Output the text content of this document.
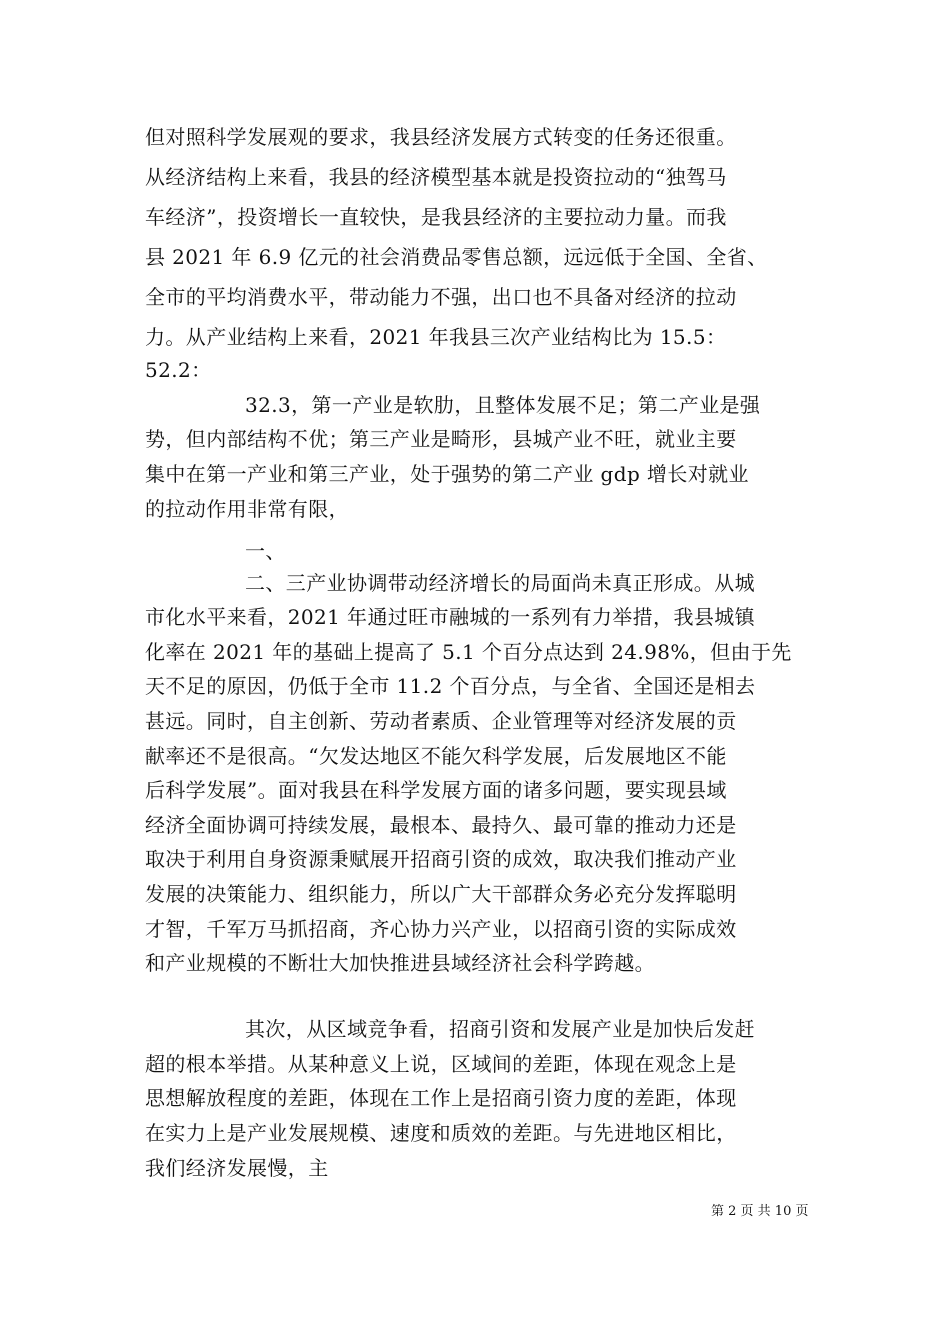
但对照科学发展观的要求，我县经济发展方式转变的任务还很重。
从经济结构上来看，我县的经济模型基本就是投资拉动的“独驾马
车经济”，投资增长一直较快，是我县经济的主要拉动力量。而我
县 2021 年 6.9 亿元的社会消费品零售总额，远远低于全国、全省、
全市的平均消费水平，带动能力不强，出口也不具备对经济的拉动
力。从产业结构上来看，2021 年我县三次产业结构比为 15.5：
52.2：
32.3，第一产业是软肋，且整体发展不足；第二产业是强
势，但内部结构不优；第三产业是畸形，县城产业不旺，就业主要
集中在第一产业和第三产业，处于强势的第二产业 gdp 增长对就业
的拉动作用非常有限，
一、
二、三产业协调带动经济增长的局面尚未真正形成。从城
市化水平来看，2021 年通过旺市融城的一系列有力举措，我县城镇
化率在 2021 年的基础上提高了 5.1 个百分点达到 24.98%，但由于先
天不足的原因，仍低于全市 11.2 个百分点，与全省、全国还是相去
甚远。同时，自主创新、劳动者素质、企业管理等对经济发展的贡
献率还不是很高。“欠发达地区不能欠科学发展，后发展地区不能
后科学发展”。面对我县在科学发展方面的诸多问题，要实现县域
经济全面协调可持续发展，最根本、最持久、最可靠的推动力还是
取决于利用自身资源秉赋展开招商引资的成效，取决我们推动产业
发展的决策能力、组织能力，所以广大干部群众务必充分发挥聪明
才智，千军万马抓招商，齐心协力兴产业，以招商引资的实际成效
和产业规模的不断壮大加快推进县域经济社会科学跨越。
其次，从区域竞争看，招商引资和发展产业是加快后发赶
超的根本举措。从某种意义上说，区域间的差距，体现在观念上是
思想解放程度的差距，体现在工作上是招商引资力度的差距，体现
在实力上是产业发展规模、速度和质效的差距。与先进地区相比，
我们经济发展慢，主
第 2 页 共 10 页
